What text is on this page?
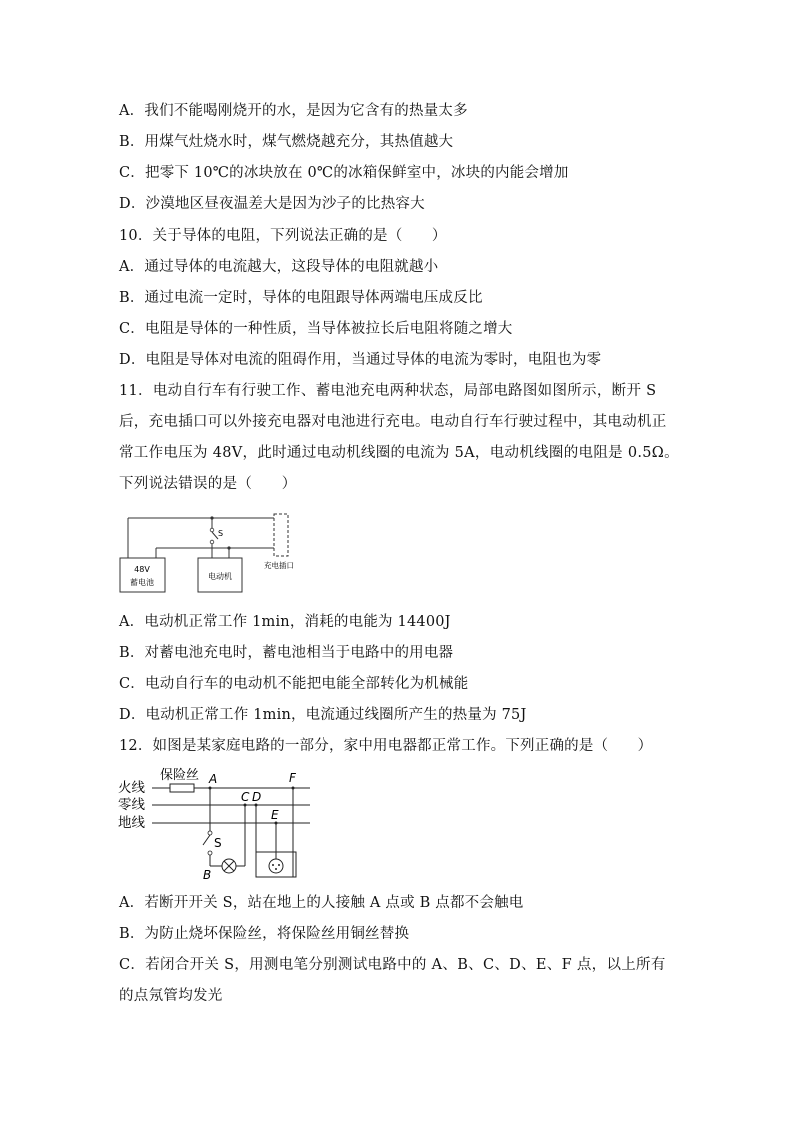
A．我们不能喝刚烧开的水，是因为它含有的热量太多
B．用煤气灶烧水时，煤气燃烧越充分，其热值越大
C．把零下 10℃的冰块放在 0℃的冰箱保鲜室中，冰块的内能会增加
D．沙漠地区昼夜温差大是因为沙子的比热容大
10．关于导体的电阻，下列说法正确的是（　　）
A．通过导体的电流越大，这段导体的电阻就越小
B．通过电流一定时，导体的电阻跟导体两端电压成反比
C．电阻是导体的一种性质，当导体被拉长后电阻将随之增大
D．电阻是导体对电流的阻碍作用，当通过导体的电流为零时，电阻也为零
11．电动自行车有行驶工作、蓄电池充电两种状态，局部电路图如图所示，断开 S 后，充电插口可以外接充电器对电池进行充电。电动自行车行驶过程中，其电动机正常工作电压为 48V，此时通过电动机线圈的电流为 5A，电动机线圈的电阻是 0.5Ω。下列说法错误的是（　　）
48V
蓄电池
S
电动机
充电插口
A．电动机正常工作 1min，消耗的电能为 14400J
B．对蓄电池充电时，蓄电池相当于电路中的用电器
C．电动自行车的电动机不能把电能全部转化为机械能
D．电动机正常工作 1min，电流通过线圈所产生的热量为 75J
12．如图是某家庭电路的一部分，家中用电器都正常工作。下列正确的是（　　）
火线
零线
地线
保险丝 A
S
B
C D
E
F
A．若断开开关 S，站在地上的人接触 A 点或 B 点都不会触电
B．为防止烧坏保险丝，将保险丝用铜丝替换
C．若闭合开关 S，用测电笔分别测试电路中的 A、B、C、D、E、F 点，以上所有的点氖管均发光
